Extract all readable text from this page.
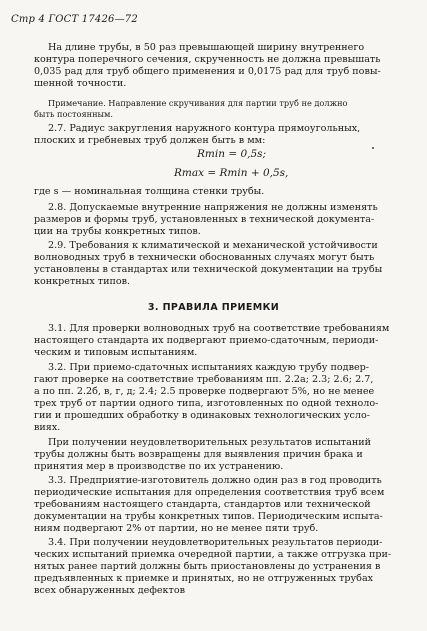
Стр 4 ГОСТ 17426—72
На длине трубы, в 50 раз превышающей ширину внутреннего
контура поперечного сечения, скрученность не должна превышать
0,035 рад для труб общего применения и 0,0175 рад для труб повы-
шенной точности.
Примечание. Направление скручивания для партии труб не должно
быть постоянным.
2.7. Радиус закругления наружного контура прямоугольных,
плоских и гребневых труб должен быть в мм:
Rmin = 0,5s;
Rmax = Rmin + 0,5s,
где s — номинальная толщина стенки трубы.
2.8. Допускаемые внутренние напряжения не должны изменять
размеров и формы труб, установленных в технической документа-
ции на трубы конкретных типов.
2.9. Требования к климатической и механической устойчивости
волноводных труб в технически обоснованных случаях могут быть
установлены в стандартах или технической документации на трубы
конкретных типов.
3. ПРАВИЛА ПРИЕМКИ
3.1. Для проверки волноводных труб на соответствие требованиям
настоящего стандарта их подвергают приемо-сдаточным, периоди-
ческим и типовым испытаниям.
3.2. При приемо-сдаточных испытаниях каждую трубу подвер-
гают проверке на соответствие требованиям пп. 2.2а; 2.3; 2.6; 2.7,
а по пп. 2.2б, в, г, д; 2.4; 2.5 проверке подвергают 5%, но не менее
трех труб от партии одного типа, изготовленных по одной техноло-
гии и прошедших обработку в одинаковых технологических усло-
виях.
При получении неудовлетворительных результатов испытаний
трубы должны быть возвращены для выявления причин брака и
принятия мер в производстве по их устранению.
3.3. Предприятие-изготовитель должно один раз в год проводить
периодические испытания для определения соответствия труб всем
требованиям настоящего стандарта, стандартов или технической
документации на трубы конкретных типов. Периодическим испыта-
ниям подвергают 2% от партии, но не менее пяти труб.
3.4. При получении неудовлетворительных результатов периоди-
ческих испытаний приемка очередной партии, а также отгрузка при-
нятых ранее партий должны быть приостановлены до устранения в
предъявленных к приемке и принятых, но не отгруженных трубах
всех обнаруженных дефектов
